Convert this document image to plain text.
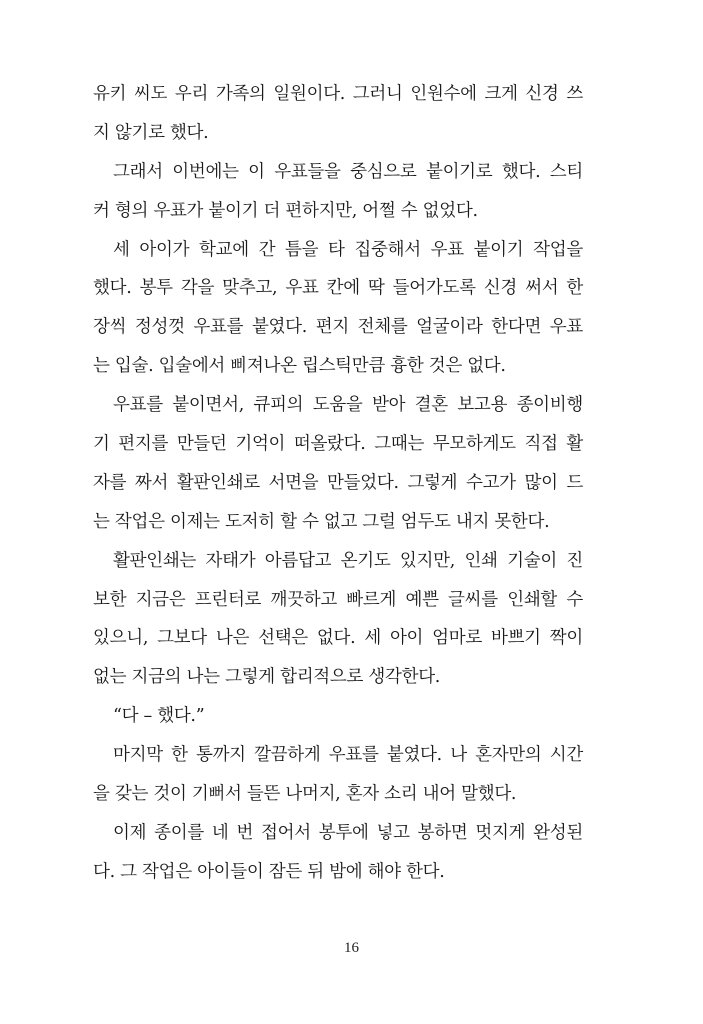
유키 씨도 우리 가족의 일원이다. 그러니 인원수에 크게 신경 쓰
지 않기로 했다.
그래서 이번에는 이 우표들을 중심으로 붙이기로 했다. 스티
커 형의 우표가 붙이기 더 편하지만, 어쩔 수 없었다.
세 아이가 학교에 간 틈을 타 집중해서 우표 붙이기 작업을
했다. 봉투 각을 맞추고, 우표 칸에 딱 들어가도록 신경 써서 한
장씩 정성껏 우표를 붙였다. 편지 전체를 얼굴이라 한다면 우표
는 입술. 입술에서 삐져나온 립스틱만큼 흉한 것은 없다.
우표를 붙이면서, 큐피의 도움을 받아 결혼 보고용 종이비행
기 편지를 만들던 기억이 떠올랐다. 그때는 무모하게도 직접 활
자를 짜서 활판인쇄로 서면을 만들었다. 그렇게 수고가 많이 드
는 작업은 이제는 도저히 할 수 없고 그럴 엄두도 내지 못한다.
활판인쇄는 자태가 아름답고 온기도 있지만, 인쇄 기술이 진
보한 지금은 프린터로 깨끗하고 빠르게 예쁜 글씨를 인쇄할 수
있으니, 그보다 나은 선택은 없다. 세 아이 엄마로 바쁘기 짝이
없는 지금의 나는 그렇게 합리적으로 생각한다.
“다 – 했다.”
마지막 한 통까지 깔끔하게 우표를 붙였다. 나 혼자만의 시간
을 갖는 것이 기뻐서 들뜬 나머지, 혼자 소리 내어 말했다.
이제 종이를 네 번 접어서 봉투에 넣고 봉하면 멋지게 완성된
다. 그 작업은 아이들이 잠든 뒤 밤에 해야 한다.
16
